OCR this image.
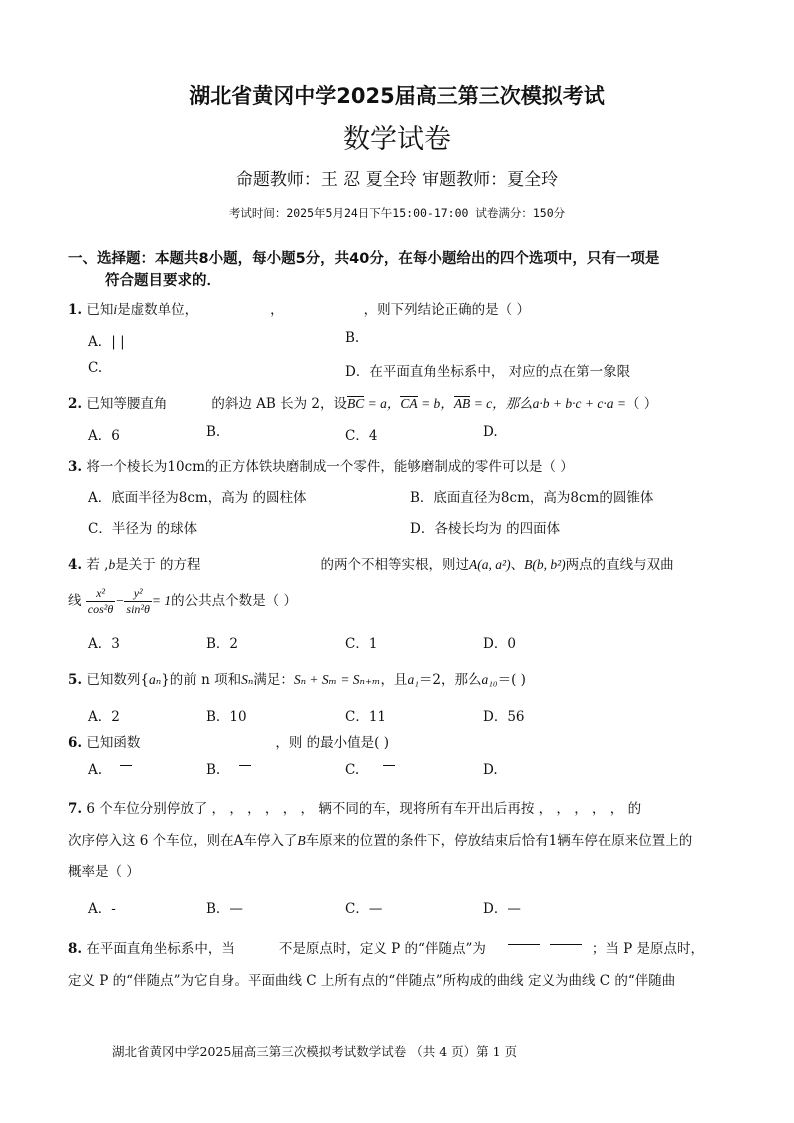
湖北省黄冈中学2025届高三第三次模拟考试
数学试卷
命题教师：王 忍 夏全玲 审题教师：夏全玲
考试时间：2025年5月24日下午15:00-17:00 试卷满分：150分
一、选择题：本题共8小题，每小题5分，共40分，在每小题给出的四个选项中，只有一项是
符合题目要求的．
1. 已知i是虚数单位，	，	，则下列结论正确的是（ ）
A．| |	B.
C.	D．在平面直角坐标系中， 对应的点在第一象限
2. 已知等腰直角	的斜边 AB 长为 2，设BC = a，CA = b，AB = c，那么a·b + b·c + c·a =（ ）
A．6	B.	C．4	D.
3. 将一个棱长为10cm的正方体铁块磨制成一个零件，能够磨制成的零件可以是（ ）
A．底面半径为8cm，高为 的圆柱体	B．底面直径为8cm，高为8cm的圆锥体
C．半径为 的球体	D．各棱长均为 的四面体
4. 若 ,b是关于 的方程	的两个不相等实根，则过A(a, a²)、B(b, b²)两点的直线与双曲
线 $\frac{\text{x²}}{\text{cos²θ}} - \frac{\text{y²}}{\text{sin²θ}} = 1$的公共点个数是（ ）
A．3	B．2	C．1	D．0
5. 已知数列{aₙ}的前 n 项和Sₙ满足：Sₙ + Sₘ = Sₙ₊ₘ，且a₁＝2，那么a₁₀＝( )
A．2	B．10	C．11	D．56
6. 已知函数	，则 的最小值是( )
A.	B.	C.	D.
7. 6 个车位分别停放了 ， ， ， ， ， ， 辆不同的车，现将所有车开出后再按 ， ， ， ， ， 的
次序停入这 6 个车位，则在A车停入了B车原来的位置的条件下，停放结束后恰有1辆车停在原来位置上的
概率是（ ）
A．-	B．—	C．—	D．—
8. 在平面直角坐标系中，当	不是原点时，定义 P 的“伴随点”为	；当 P 是原点时，
定义 P 的“伴随点”为它自身。平面曲线 C 上所有点的“伴随点”所构成的曲线 定义为曲线 C 的“伴随曲
湖北省黄冈中学2025届高三第三次模拟考试数学试卷 （共 4 页）第 1 页
